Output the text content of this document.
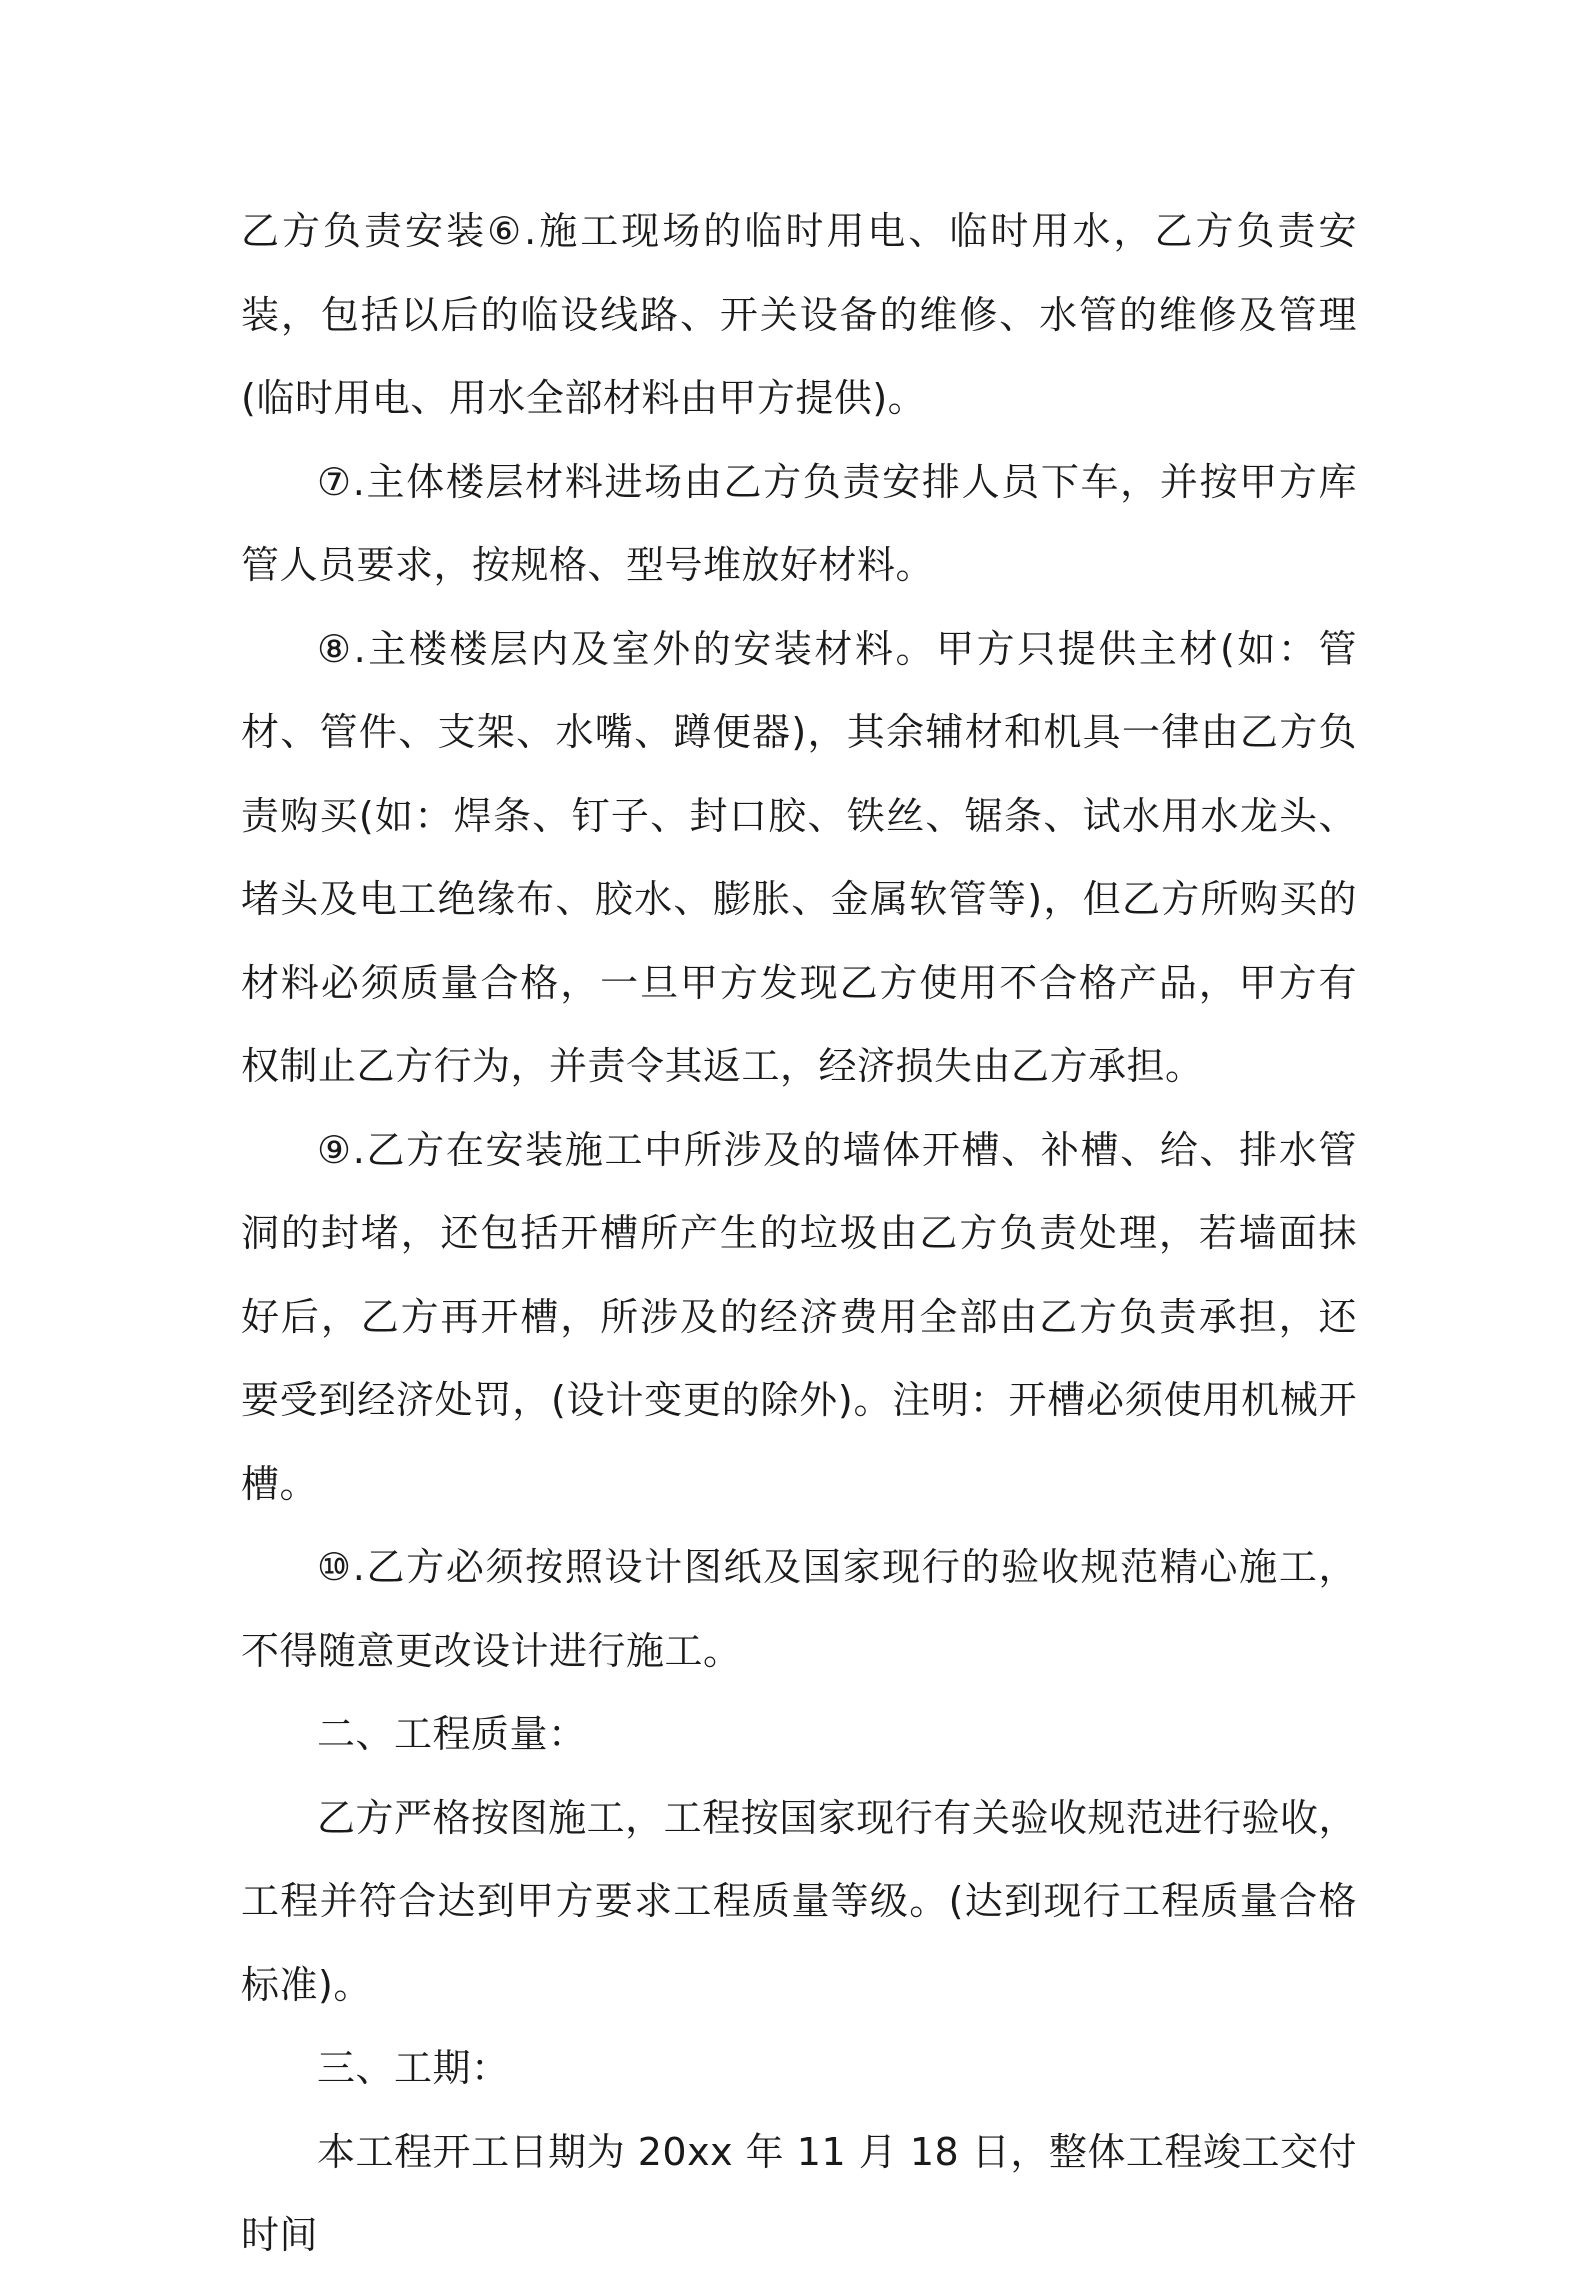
乙方负责安装⑥.施工现场的临时用电、临时用水，乙方负责安装，包括以后的临设线路、开关设备的维修、水管的维修及管理(临时用电、用水全部材料由甲方提供)。

⑦.主体楼层材料进场由乙方负责安排人员下车，并按甲方库管人员要求，按规格、型号堆放好材料。

⑧.主楼楼层内及室外的安装材料。甲方只提供主材(如：管材、管件、支架、水嘴、蹲便器)，其余辅材和机具一律由乙方负责购买(如：焊条、钉子、封口胶、铁丝、锯条、试水用水龙头、堵头及电工绝缘布、胶水、膨胀、金属软管等)，但乙方所购买的材料必须质量合格，一旦甲方发现乙方使用不合格产品，甲方有权制止乙方行为，并责令其返工，经济损失由乙方承担。

⑨.乙方在安装施工中所涉及的墙体开槽、补槽、给、排水管洞的封堵，还包括开槽所产生的垃圾由乙方负责处理，若墙面抹好后，乙方再开槽，所涉及的经济费用全部由乙方负责承担，还要受到经济处罚，(设计变更的除外)。注明：开槽必须使用机械开槽。

⑩.乙方必须按照设计图纸及国家现行的验收规范精心施工，不得随意更改设计进行施工。

二、工程质量：

乙方严格按图施工，工程按国家现行有关验收规范进行验收，工程并符合达到甲方要求工程质量等级。(达到现行工程质量合格标准)。

三、工期：

本工程开工日期为 20xx 年 11 月 18 日，整体工程竣工交付时间
